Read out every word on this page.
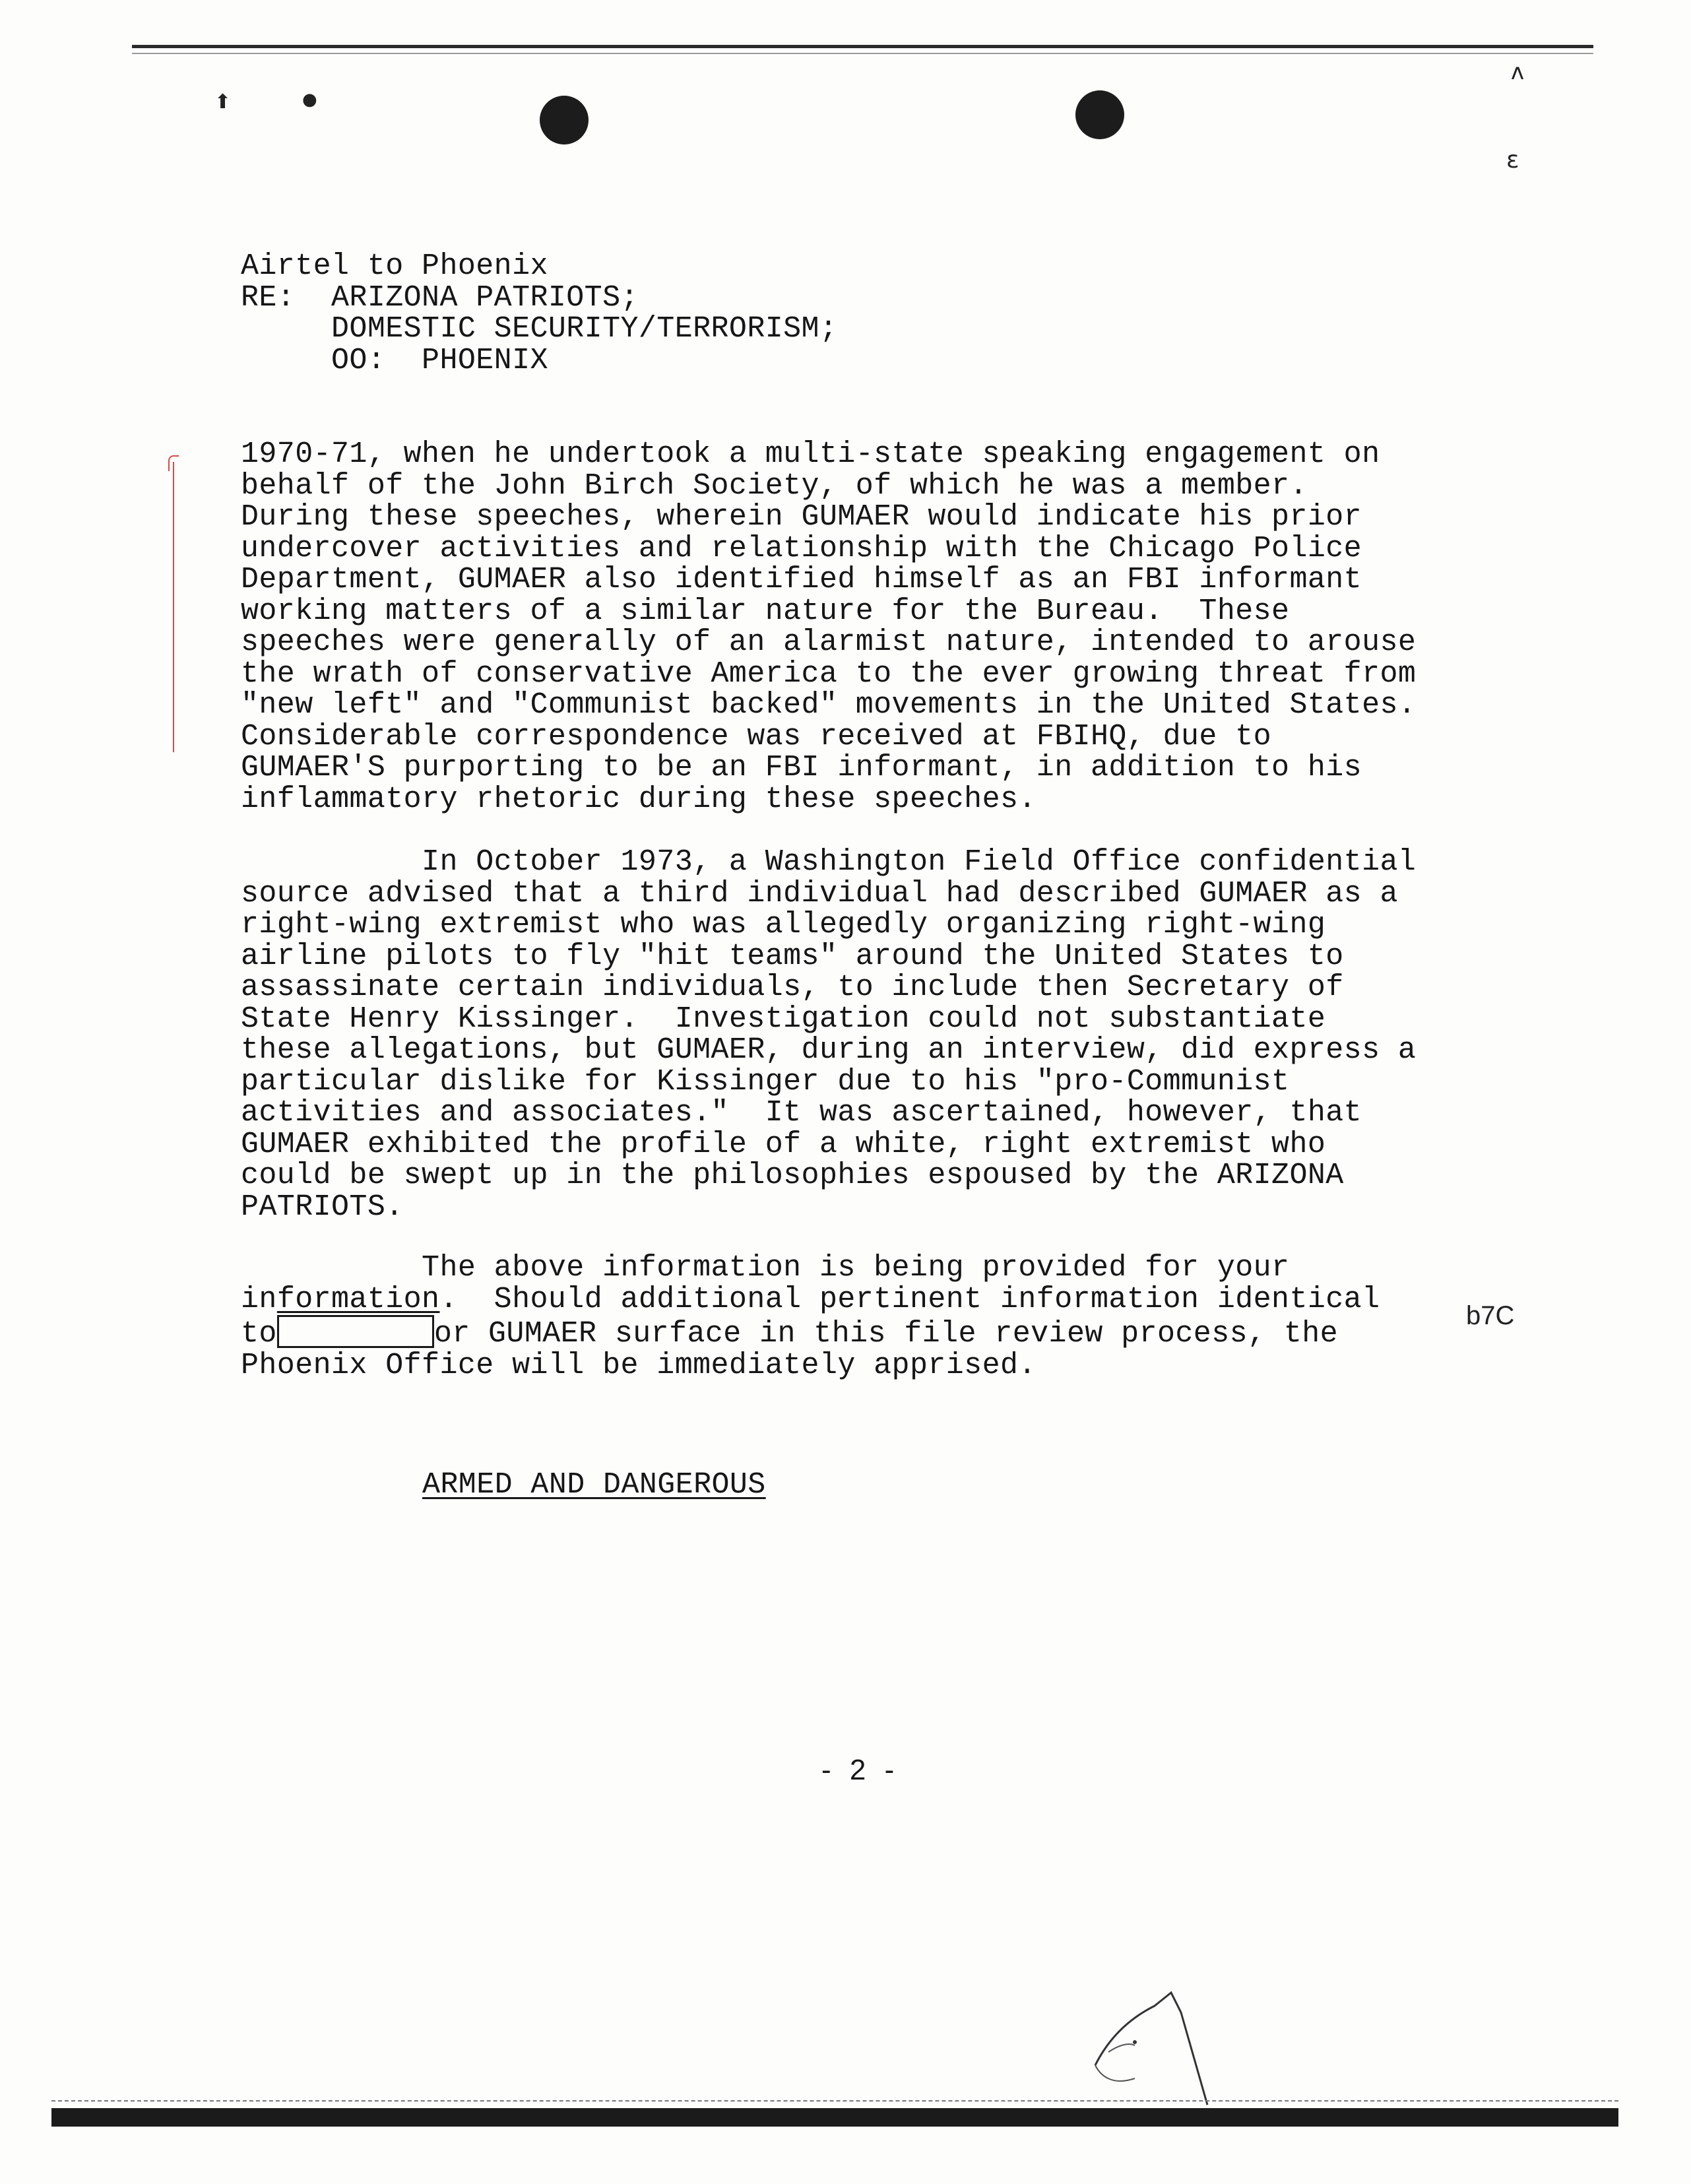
⬆	●
ʌ
ɛ
Airtel to Phoenix
RE:  ARIZONA PATRIOTS;
DOMESTIC SECURITY/TERRORISM;
OO:  PHOENIX
1970-71, when he undertook a multi-state speaking engagement on
behalf of the John Birch Society, of which he was a member.
During these speeches, wherein GUMAER would indicate his prior
undercover activities and relationship with the Chicago Police
Department, GUMAER also identified himself as an FBI informant
working matters of a similar nature for the Bureau.  These
speeches were generally of an alarmist nature, intended to arouse
the wrath of conservative America to the ever growing threat from
"new left" and "Communist backed" movements in the United States.
Considerable correspondence was received at FBIHQ, due to
GUMAER'S purporting to be an FBI informant, in addition to his
inflammatory rhetoric during these speeches.
In October 1973, a Washington Field Office confidential
source advised that a third individual had described GUMAER as a
right-wing extremist who was allegedly organizing right-wing
airline pilots to fly "hit teams" around the United States to
assassinate certain individuals, to include then Secretary of
State Henry Kissinger.  Investigation could not substantiate
these allegations, but GUMAER, during an interview, did express a
particular dislike for Kissinger due to his "pro-Communist
activities and associates."  It was ascertained, however, that
GUMAER exhibited the profile of a white, right extremist who
could be swept up in the philosophies espoused by the ARIZONA
PATRIOTS.
The above information is being provided for your
information.  Should additional pertinent information identical
to	or GUMAER surface in this file review process, the
Phoenix Office will be immediately apprised.
b7C
ARMED AND DANGEROUS
- 2 -
